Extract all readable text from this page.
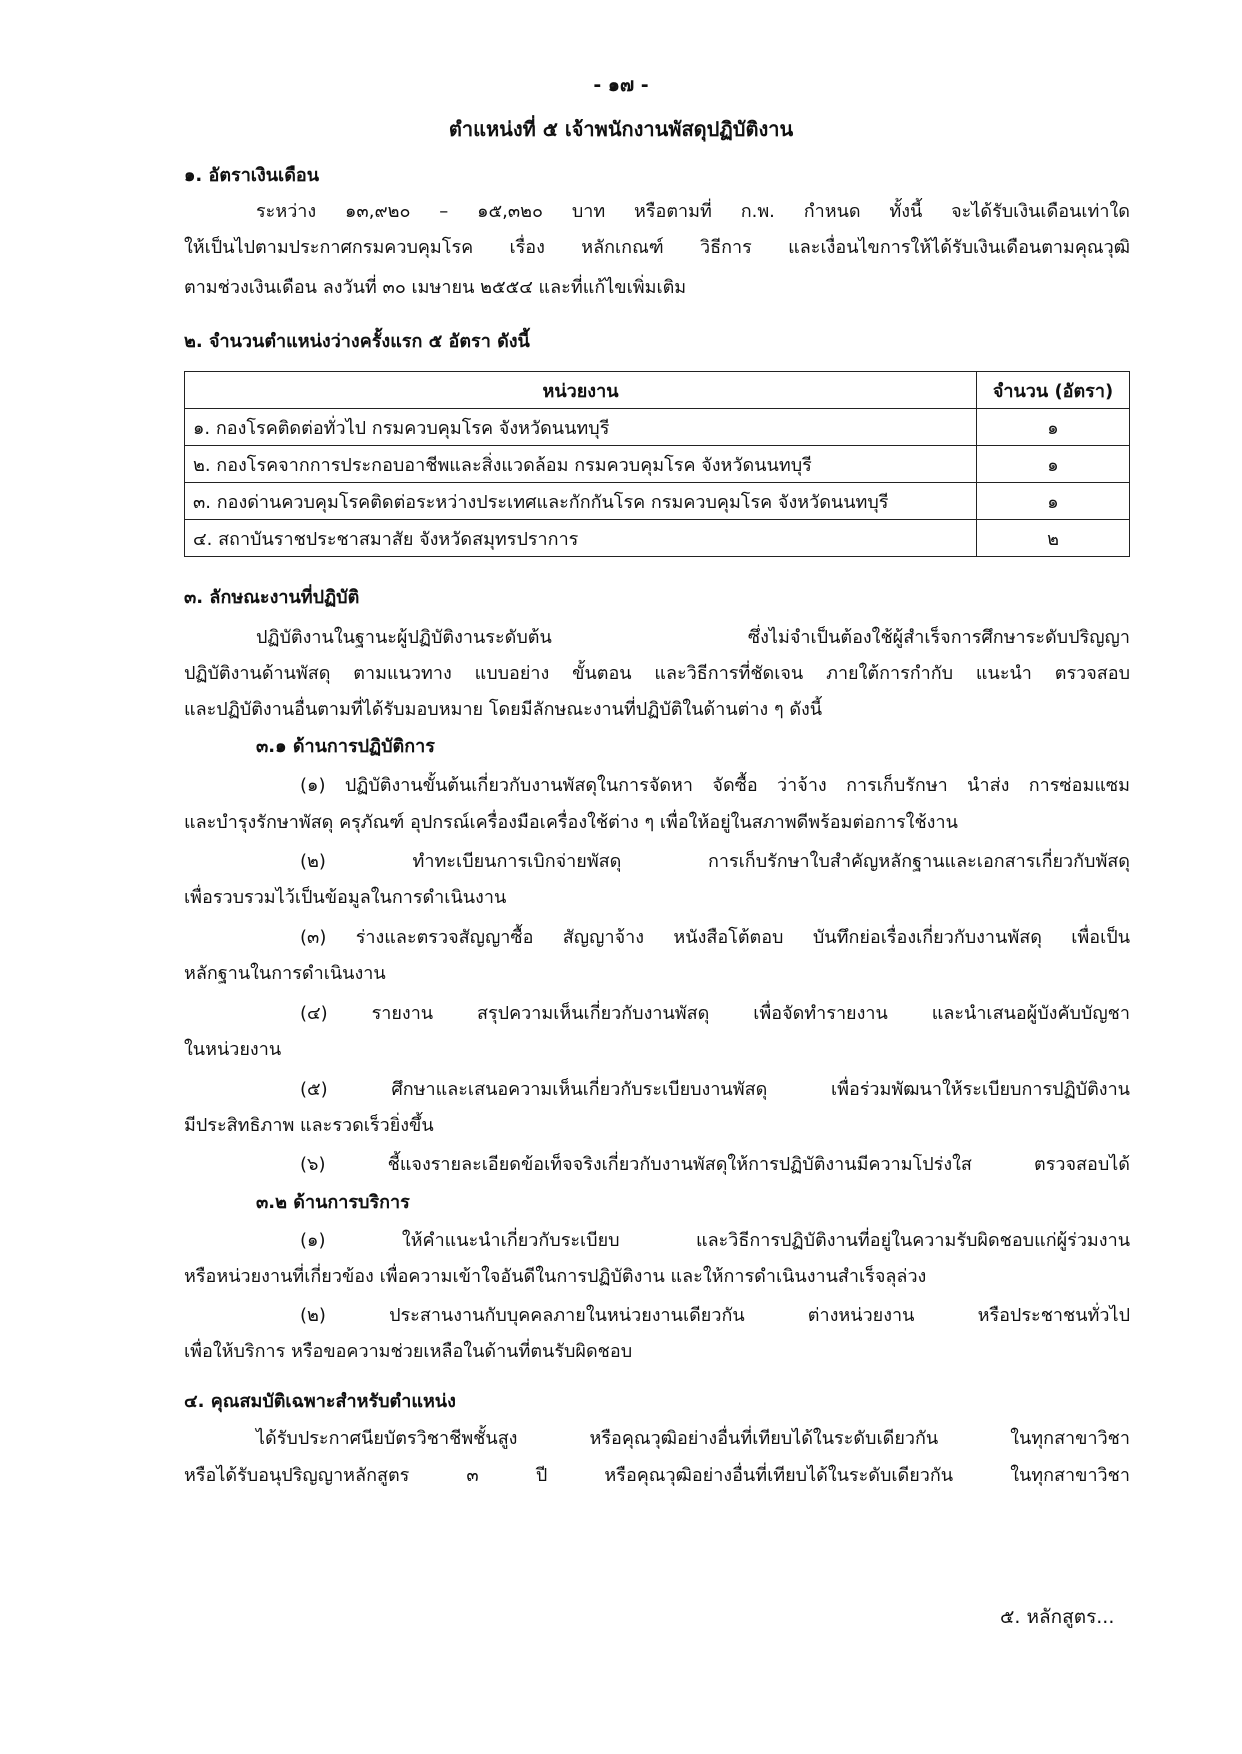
- ๑๗ -
ตำแหน่งที่ ๕ เจ้าพนักงานพัสดุปฏิบัติงาน
๑. อัตราเงินเดือน
ระหว่าง ๑๓,๙๒๐ – ๑๕,๓๒๐ บาท หรือตามที่ ก.พ. กำหนด ทั้งนี้ จะได้รับเงินเดือนเท่าใด
ให้เป็นไปตามประกาศกรมควบคุมโรค เรื่อง หลักเกณฑ์ วิธีการ และเงื่อนไขการให้ได้รับเงินเดือนตามคุณวุฒิ
ตามช่วงเงินเดือน ลงวันที่ ๓๐ เมษายน ๒๕๕๔ และที่แก้ไขเพิ่มเติม
๒. จำนวนตำแหน่งว่างครั้งแรก ๕ อัตรา ดังนี้
หน่วยงาน	จำนวน (อัตรา)
๑. กองโรคติดต่อทั่วไป กรมควบคุมโรค จังหวัดนนทบุรี	๑
๒. กองโรคจากการประกอบอาชีพและสิ่งแวดล้อม กรมควบคุมโรค จังหวัดนนทบุรี	๑
๓. กองด่านควบคุมโรคติดต่อระหว่างประเทศและกักกันโรค กรมควบคุมโรค จังหวัดนนทบุรี	๑
๔. สถาบันราชประชาสมาสัย จังหวัดสมุทรปราการ	๒
๓. ลักษณะงานที่ปฏิบัติ
ปฏิบัติงานในฐานะผู้ปฏิบัติงานระดับต้น ซึ่งไม่จำเป็นต้องใช้ผู้สำเร็จการศึกษาระดับปริญญา
ปฏิบัติงานด้านพัสดุ ตามแนวทาง แบบอย่าง ขั้นตอน และวิธีการที่ชัดเจน ภายใต้การกำกับ แนะนำ ตรวจสอบ
และปฏิบัติงานอื่นตามที่ได้รับมอบหมาย โดยมีลักษณะงานที่ปฏิบัติในด้านต่าง ๆ ดังนี้
๓.๑ ด้านการปฏิบัติการ
(๑) ปฏิบัติงานขั้นต้นเกี่ยวกับงานพัสดุในการจัดหา จัดซื้อ ว่าจ้าง การเก็บรักษา นำส่ง การซ่อมแซม
และบำรุงรักษาพัสดุ ครุภัณฑ์ อุปกรณ์เครื่องมือเครื่องใช้ต่าง ๆ เพื่อให้อยู่ในสภาพดีพร้อมต่อการใช้งาน
(๒) ทำทะเบียนการเบิกจ่ายพัสดุ การเก็บรักษาใบสำคัญหลักฐานและเอกสารเกี่ยวกับพัสดุ
เพื่อรวบรวมไว้เป็นข้อมูลในการดำเนินงาน
(๓) ร่างและตรวจสัญญาซื้อ สัญญาจ้าง หนังสือโต้ตอบ บันทึกย่อเรื่องเกี่ยวกับงานพัสดุ เพื่อเป็น
หลักฐานในการดำเนินงาน
(๔) รายงาน สรุปความเห็นเกี่ยวกับงานพัสดุ เพื่อจัดทำรายงาน และนำเสนอผู้บังคับบัญชา
ในหน่วยงาน
(๕) ศึกษาและเสนอความเห็นเกี่ยวกับระเบียบงานพัสดุ เพื่อร่วมพัฒนาให้ระเบียบการปฏิบัติงาน
มีประสิทธิภาพ และรวดเร็วยิ่งขึ้น
(๖) ชี้แจงรายละเอียดข้อเท็จจริงเกี่ยวกับงานพัสดุให้การปฏิบัติงานมีความโปร่งใส ตรวจสอบได้
๓.๒ ด้านการบริการ
(๑) ให้คำแนะนำเกี่ยวกับระเบียบ และวิธีการปฏิบัติงานที่อยู่ในความรับผิดชอบแก่ผู้ร่วมงาน
หรือหน่วยงานที่เกี่ยวข้อง เพื่อความเข้าใจอันดีในการปฏิบัติงาน และให้การดำเนินงานสำเร็จลุล่วง
(๒) ประสานงานกับบุคคลภายในหน่วยงานเดียวกัน ต่างหน่วยงาน หรือประชาชนทั่วไป
เพื่อให้บริการ หรือขอความช่วยเหลือในด้านที่ตนรับผิดชอบ
๔. คุณสมบัติเฉพาะสำหรับตำแหน่ง
ได้รับประกาศนียบัตรวิชาชีพชั้นสูง หรือคุณวุฒิอย่างอื่นที่เทียบได้ในระดับเดียวกัน ในทุกสาขาวิชา
หรือได้รับอนุปริญญาหลักสูตร ๓ ปี หรือคุณวุฒิอย่างอื่นที่เทียบได้ในระดับเดียวกัน ในทุกสาขาวิชา
๕. หลักสูตร...
